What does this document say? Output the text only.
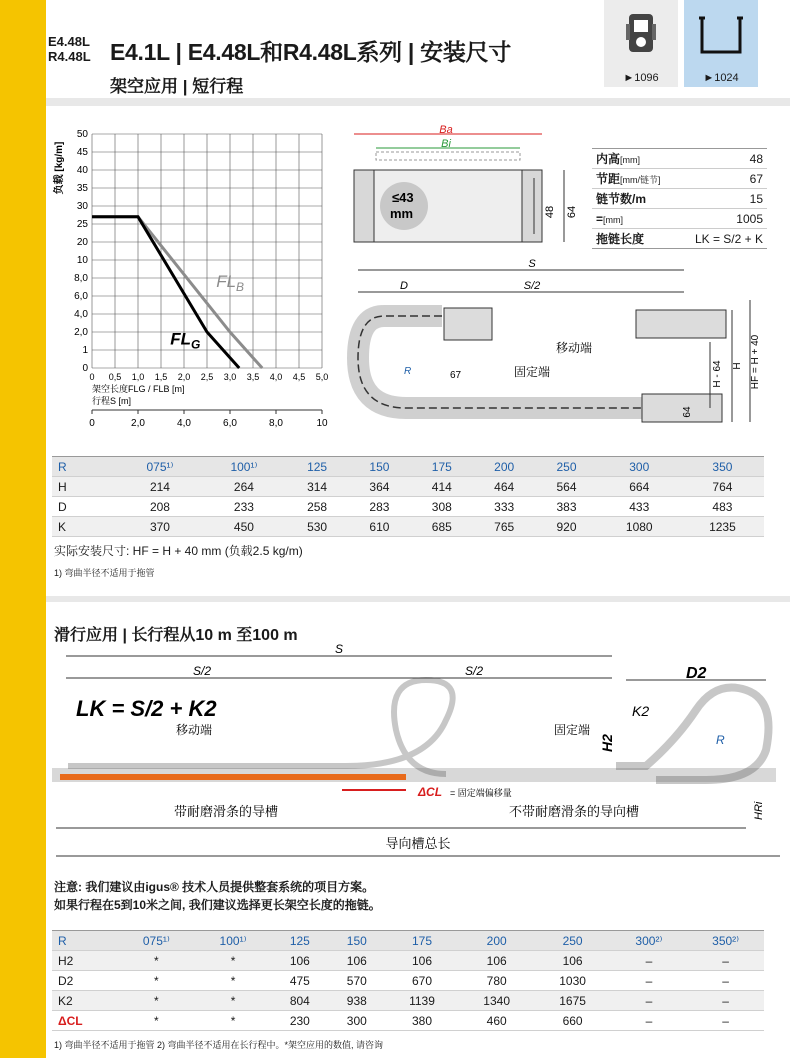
E4.48L
R4.48L E4.1L | E4.48L和R4.48L系列 | 安装尺寸
架空应用 | 短行程	►1096	►1024
0 0,5 1,0 1,5 2,0 2,5 3,0 3,5 4,0 4,5 5,0
0
1
2,0
4,0
6,0
8,0
10
20
25
30
35
40
45
50
负载 [kg/m]
架空长度FLG / FLB [m]
行程S [m]
0	2,0	4,0	6,0	8,0	10
$FL_B$
$FL_G$
Ba
Bi
≤43
mm	48 64
内高[mm]	48
节距[mm/链节]	67
链节数/m	15
=[mm]	1005
拖链长度	LK = S/2 + K
S
D	S/2
移动端
固定端
R	67	H - 64 H HF = H + 40
64
R	075¹⁾	100¹⁾	125	150	175	200	250	300	350
H	214	264	314	364	414	464	564	664	764
D	208	233	258	283	308	333	383	433	483
K	370	450	530	610	685	765	920	1080	1235
实际安装尺寸: HF = H + 40 mm (负载2.5 kg/m)
1) 弯曲半径不适用于拖管
滑行应用 | 长行程从10 m 至100 m
S
S/2	S/2	D2
LK = S/2 + K2
移动端	固定端
K2
H2	R
ΔCL = 固定端偏移量
带耐磨滑条的导槽	不带耐磨滑条的导向槽	HRi
导向槽总长
注意: 我们建议由igus® 技术人员提供整套系统的项目方案。
如果行程在5到10米之间, 我们建议选择更长架空长度的拖链。
R	075¹⁾	100¹⁾	125	150	175	200	250	300²⁾	350²⁾
H2	*	*	106	106	106	106	106	–	–
D2	*	*	475	570	670	780	1030	–	–
K2	*	*	804	938	1139	1340	1675	–	–
ΔCL	*	*	230	300	380	460	660	–	–
1) 弯曲半径不适用于拖管 2) 弯曲半径不适用在长行程中。*架空应用的数值, 请咨询
